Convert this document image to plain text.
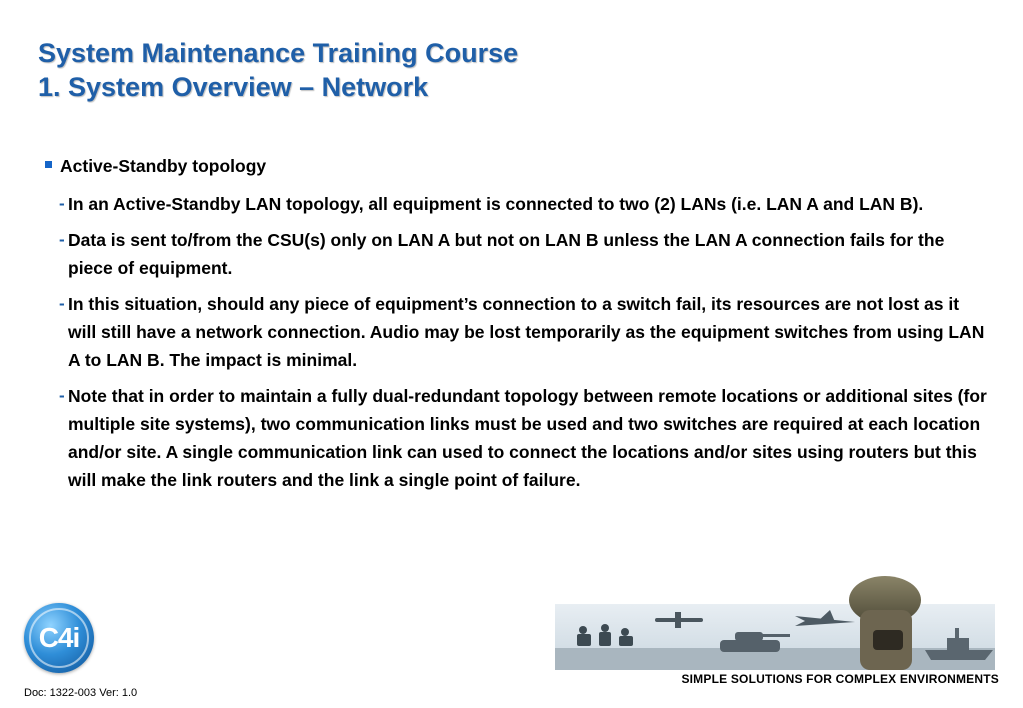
System Maintenance Training Course
1. System Overview – Network
Active-Standby topology
- In an Active-Standby LAN topology, all equipment is connected to two (2) LANs (i.e. LAN A and LAN B).
- Data is sent to/from the CSU(s) only on LAN A but not on LAN B unless the LAN A connection fails for the piece of equipment.
- In this situation, should any piece of equipment’s connection to a switch fail, its resources are not lost as it will still have a network connection. Audio may be lost temporarily as the equipment switches from using LAN A to LAN B. The impact is minimal.
- Note that in order to maintain a fully dual-redundant topology between remote locations or additional sites (for multiple site systems), two communication links must be used and two switches are required at each location and/or site. A single communication link can used to connect the locations and/or sites using routers but this will make the link routers and the link a single point of failure.
C4i
Doc: 1322-003 Ver: 1.0
SIMPLE SOLUTIONS FOR COMPLEX ENVIRONMENTS
